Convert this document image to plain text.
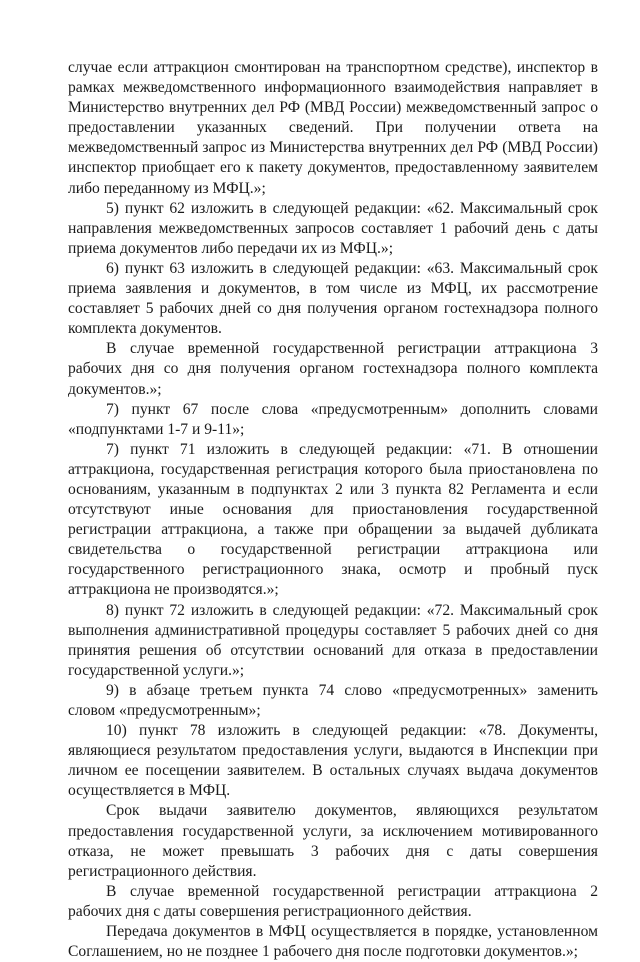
случае если аттракцион смонтирован на транспортном средстве), инспектор в рамках межведомственного информационного взаимодействия направляет в Министерство внутренних дел РФ (МВД России) межведомственный запрос о предоставлении указанных сведений. При получении ответа на межведомственный запрос из Министерства внутренних дел РФ (МВД России) инспектор приобщает его к пакету документов, предоставленному заявителем либо переданному из МФЦ.»;

5) пункт 62 изложить в следующей редакции: «62. Максимальный срок направления межведомственных запросов составляет 1 рабочий день с даты приема документов либо передачи их из МФЦ.»;

6) пункт 63 изложить в следующей редакции: «63. Максимальный срок приема заявления и документов, в том числе из МФЦ, их рассмотрение составляет 5 рабочих дней со дня получения органом гостехнадзора полного комплекта документов.

В случае временной государственной регистрации аттракциона 3 рабочих дня со дня получения органом гостехнадзора полного комплекта документов.»;

7) пункт 67 после слова «предусмотренным» дополнить словами «подпунктами 1-7 и 9-11»;

7) пункт 71 изложить в следующей редакции: «71. В отношении аттракциона, государственная регистрация которого была приостановлена по основаниям, указанным в подпунктах 2 или 3 пункта 82 Регламента и если отсутствуют иные основания для приостановления государственной регистрации аттракциона, а также при обращении за выдачей дубликата свидетельства о государственной регистрации аттракциона или государственного регистрационного знака, осмотр и пробный пуск аттракциона не производятся.»;

8) пункт 72 изложить в следующей редакции: «72. Максимальный срок выполнения административной процедуры составляет 5 рабочих дней со дня принятия решения об отсутствии оснований для отказа в предоставлении государственной услуги.»;

9) в абзаце третьем пункта 74 слово «предусмотренных» заменить словом «предусмотренным»;

10) пункт 78 изложить в следующей редакции: «78. Документы, являющиеся результатом предоставления услуги, выдаются в Инспекции при личном ее посещении заявителем. В остальных случаях выдача документов осуществляется в МФЦ.

Срок выдачи заявителю документов, являющихся результатом предоставления государственной услуги, за исключением мотивированного отказа, не может превышать 3 рабочих дня с даты совершения регистрационного действия.

В случае временной государственной регистрации аттракциона 2 рабочих дня с даты совершения регистрационного действия.

Передача документов в МФЦ осуществляется в порядке, установленном Соглашением, но не позднее 1 рабочего дня после подготовки документов.»;
